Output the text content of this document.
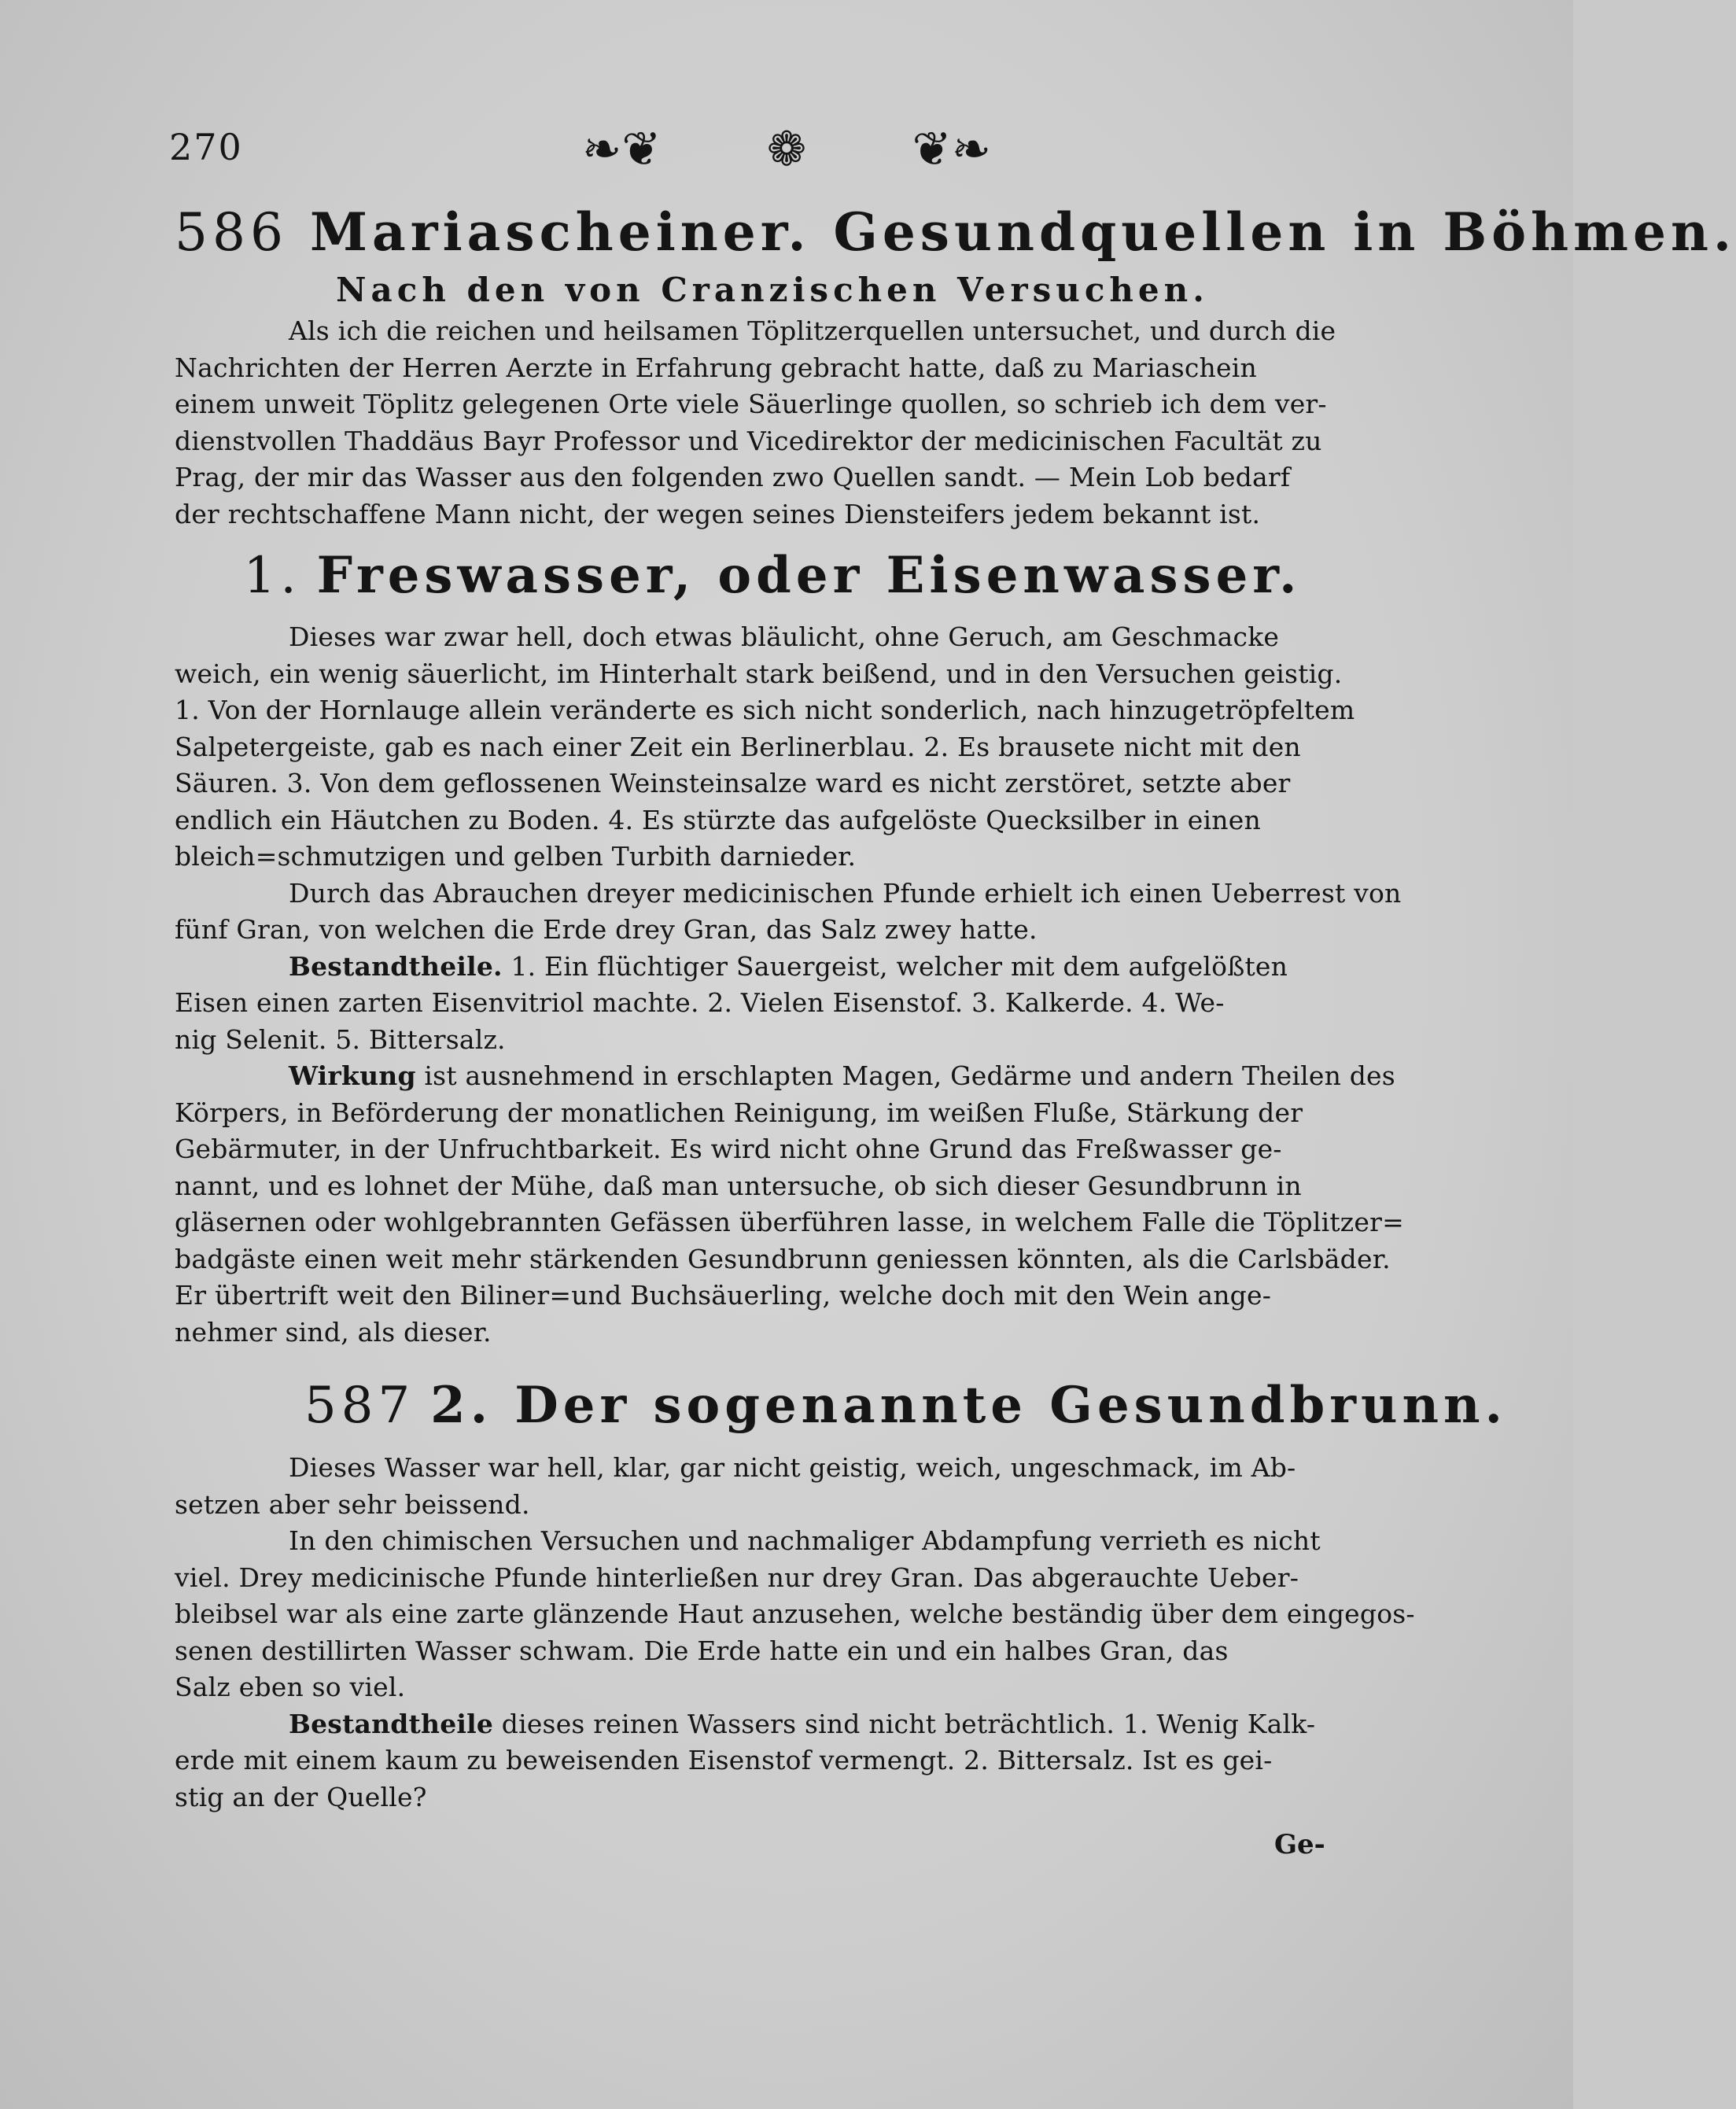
270	❧❦ ❁ ❦❧
586 Mariascheiner. Gesundquellen in Böhmen.
Nach den von Cranzischen Versuchen.
Als ich die reichen und heilsamen Töplitzerquellen untersuchet, und durch die
Nachrichten der Herren Aerzte in Erfahrung gebracht hatte, daß zu Mariaschein
einem unweit Töplitz gelegenen Orte viele Säuerlinge quollen, so schrieb ich dem ver-
dienstvollen Thaddäus Bayr Professor und Vicedirektor der medicinischen Facultät zu
Prag, der mir das Wasser aus den folgenden zwo Quellen sandt. — Mein Lob bedarf
der rechtschaffene Mann nicht, der wegen seines Diensteifers jedem bekannt ist.
1. Freswasser, oder Eisenwasser.
Dieses war zwar hell, doch etwas bläulicht, ohne Geruch, am Geschmacke
weich, ein wenig säuerlicht, im Hinterhalt stark beißend, und in den Versuchen geistig.
1. Von der Hornlauge allein veränderte es sich nicht sonderlich, nach hinzugetröpfeltem
Salpetergeiste, gab es nach einer Zeit ein Berlinerblau. 2. Es brausete nicht mit den
Säuren. 3. Von dem geflossenen Weinsteinsalze ward es nicht zerstöret, setzte aber
endlich ein Häutchen zu Boden. 4. Es stürzte das aufgelöste Quecksilber in einen
bleich=schmutzigen und gelben Turbith darnieder.
Durch das Abrauchen dreyer medicinischen Pfunde erhielt ich einen Ueberrest von
fünf Gran, von welchen die Erde drey Gran, das Salz zwey hatte.
Bestandtheile. 1. Ein flüchtiger Sauergeist, welcher mit dem aufgelößten
Eisen einen zarten Eisenvitriol machte. 2. Vielen Eisenstof. 3. Kalkerde. 4. We-
nig Selenit. 5. Bittersalz.
Wirkung ist ausnehmend in erschlapten Magen, Gedärme und andern Theilen des
Körpers, in Beförderung der monatlichen Reinigung, im weißen Fluße, Stärkung der
Gebärmuter, in der Unfruchtbarkeit. Es wird nicht ohne Grund das Freßwasser ge-
nannt, und es lohnet der Mühe, daß man untersuche, ob sich dieser Gesundbrunn in
gläsernen oder wohlgebrannten Gefässen überführen lasse, in welchem Falle die Töplitzer=
badgäste einen weit mehr stärkenden Gesundbrunn geniessen könnten, als die Carlsbäder.
Er übertrift weit den Biliner=und Buchsäuerling, welche doch mit den Wein ange-
nehmer sind, als dieser.
587 2. Der sogenannte Gesundbrunn.
Dieses Wasser war hell, klar, gar nicht geistig, weich, ungeschmack, im Ab-
setzen aber sehr beissend.
In den chimischen Versuchen und nachmaliger Abdampfung verrieth es nicht
viel. Drey medicinische Pfunde hinterließen nur drey Gran. Das abgerauchte Ueber-
bleibsel war als eine zarte glänzende Haut anzusehen, welche beständig über dem eingegos-
senen destillirten Wasser schwam. Die Erde hatte ein und ein halbes Gran, das
Salz eben so viel.
Bestandtheile dieses reinen Wassers sind nicht beträchtlich. 1. Wenig Kalk-
erde mit einem kaum zu beweisenden Eisenstof vermengt. 2. Bittersalz. Ist es gei-
stig an der Quelle?
Ge-
